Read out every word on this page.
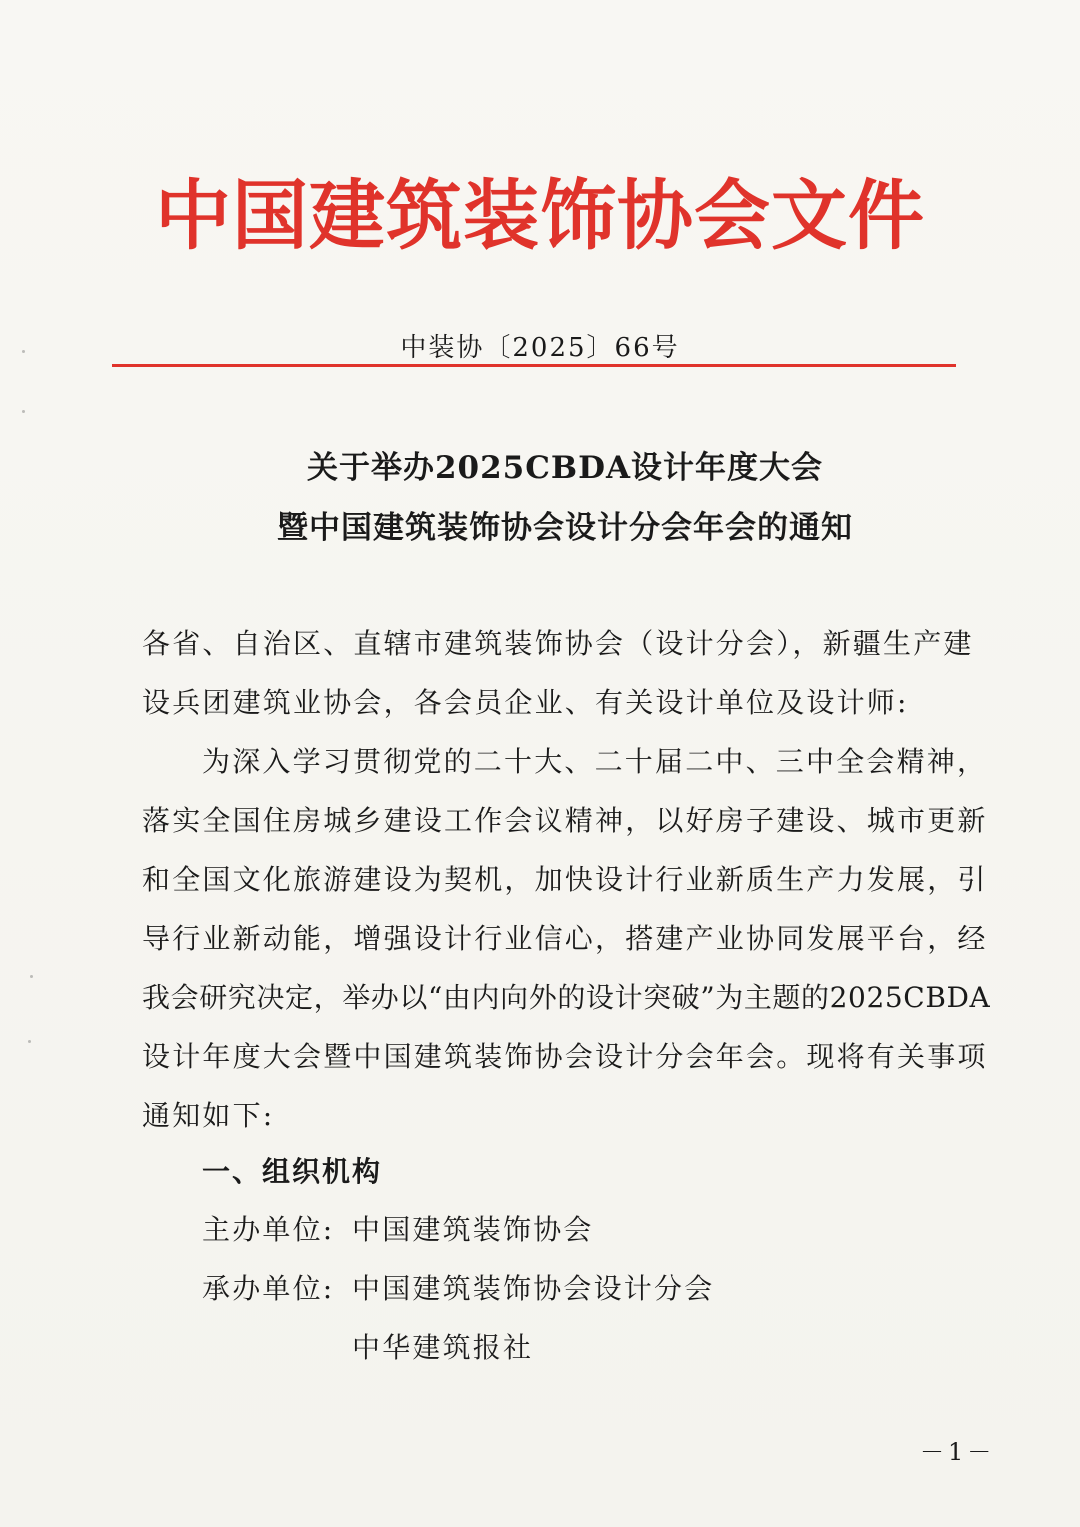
中国建筑装饰协会文件
中装协〔2025〕66号
关于举办2025CBDA设计年度大会
暨中国建筑装饰协会设计分会年会的通知
各省、自治区、直辖市建筑装饰协会（设计分会），新疆生产建
设兵团建筑业协会，各会员企业、有关设计单位及设计师:
为深入学习贯彻党的二十大、二十届二中、三中全会精神，
落实全国住房城乡建设工作会议精神，以好房子建设、城市更新
和全国文化旅游建设为契机，加快设计行业新质生产力发展，引
导行业新动能，增强设计行业信心，搭建产业协同发展平台，经
我会研究决定，举办以“由内向外的设计突破”为主题的2025CBDA
设计年度大会暨中国建筑装饰协会设计分会年会。现将有关事项
通知如下:
一、组织机构
主办单位: 中国建筑装饰协会
承办单位: 中国建筑装饰协会设计分会
中华建筑报社
－1－
